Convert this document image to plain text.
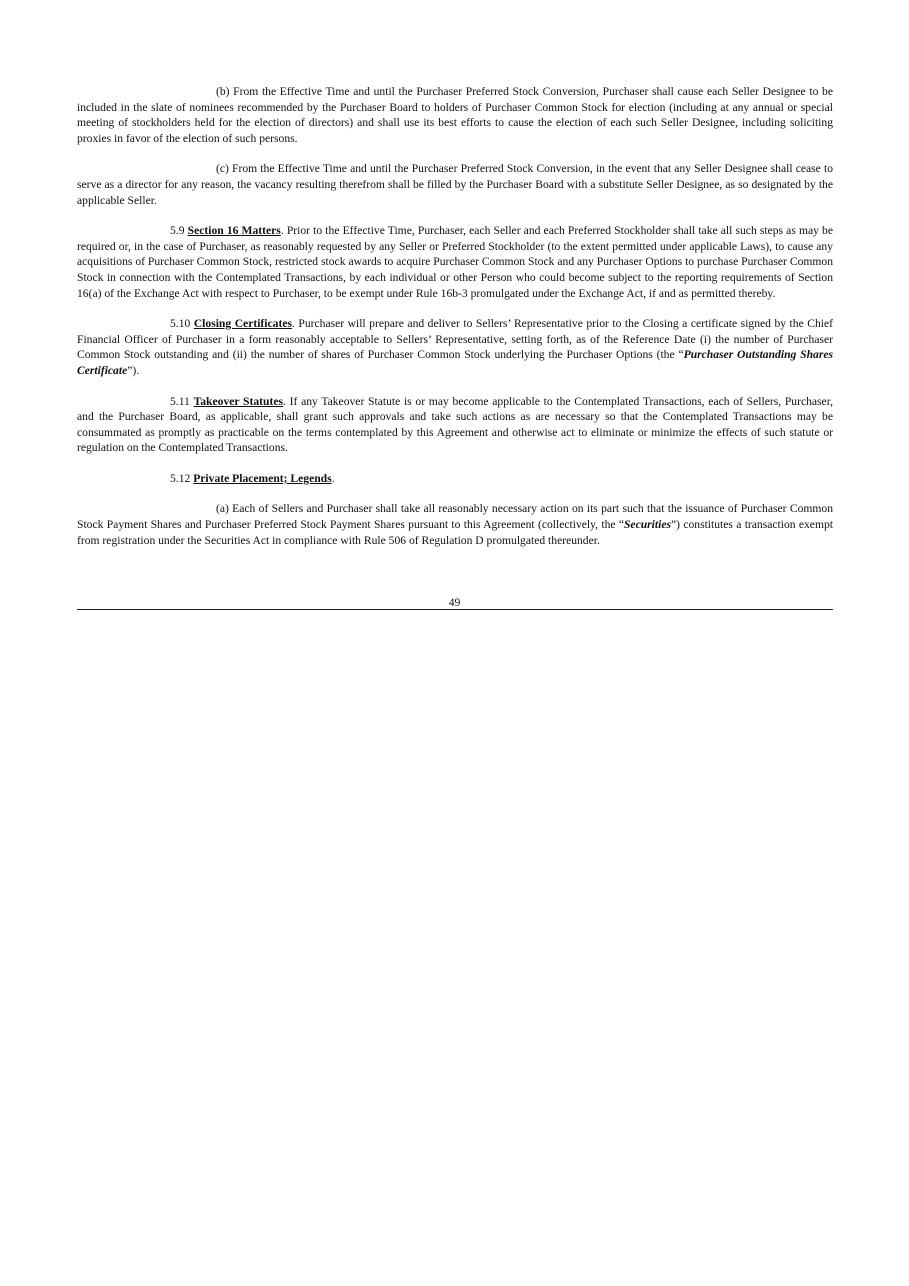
(b) From the Effective Time and until the Purchaser Preferred Stock Conversion, Purchaser shall cause each Seller Designee to be included in the slate of nominees recommended by the Purchaser Board to holders of Purchaser Common Stock for election (including at any annual or special meeting of stockholders held for the election of directors) and shall use its best efforts to cause the election of each such Seller Designee, including soliciting proxies in favor of the election of such persons.

(c) From the Effective Time and until the Purchaser Preferred Stock Conversion, in the event that any Seller Designee shall cease to serve as a director for any reason, the vacancy resulting therefrom shall be filled by the Purchaser Board with a substitute Seller Designee, as so designated by the applicable Seller.

5.9 Section 16 Matters. Prior to the Effective Time, Purchaser, each Seller and each Preferred Stockholder shall take all such steps as may be required or, in the case of Purchaser, as reasonably requested by any Seller or Preferred Stockholder (to the extent permitted under applicable Laws), to cause any acquisitions of Purchaser Common Stock, restricted stock awards to acquire Purchaser Common Stock and any Purchaser Options to purchase Purchaser Common Stock in connection with the Contemplated Transactions, by each individual or other Person who could become subject to the reporting requirements of Section 16(a) of the Exchange Act with respect to Purchaser, to be exempt under Rule 16b-3 promulgated under the Exchange Act, if and as permitted thereby.

5.10 Closing Certificates. Purchaser will prepare and deliver to Sellers’ Representative prior to the Closing a certificate signed by the Chief Financial Officer of Purchaser in a form reasonably acceptable to Sellers’ Representative, setting forth, as of the Reference Date (i) the number of Purchaser Common Stock outstanding and (ii) the number of shares of Purchaser Common Stock underlying the Purchaser Options (the “Purchaser Outstanding Shares Certificate”).

5.11 Takeover Statutes. If any Takeover Statute is or may become applicable to the Contemplated Transactions, each of Sellers, Purchaser, and the Purchaser Board, as applicable, shall grant such approvals and take such actions as are necessary so that the Contemplated Transactions may be consummated as promptly as practicable on the terms contemplated by this Agreement and otherwise act to eliminate or minimize the effects of such statute or regulation on the Contemplated Transactions.

5.12 Private Placement; Legends.

(a) Each of Sellers and Purchaser shall take all reasonably necessary action on its part such that the issuance of Purchaser Common Stock Payment Shares and Purchaser Preferred Stock Payment Shares pursuant to this Agreement (collectively, the “Securities”) constitutes a transaction exempt from registration under the Securities Act in compliance with Rule 506 of Regulation D promulgated thereunder.

49
